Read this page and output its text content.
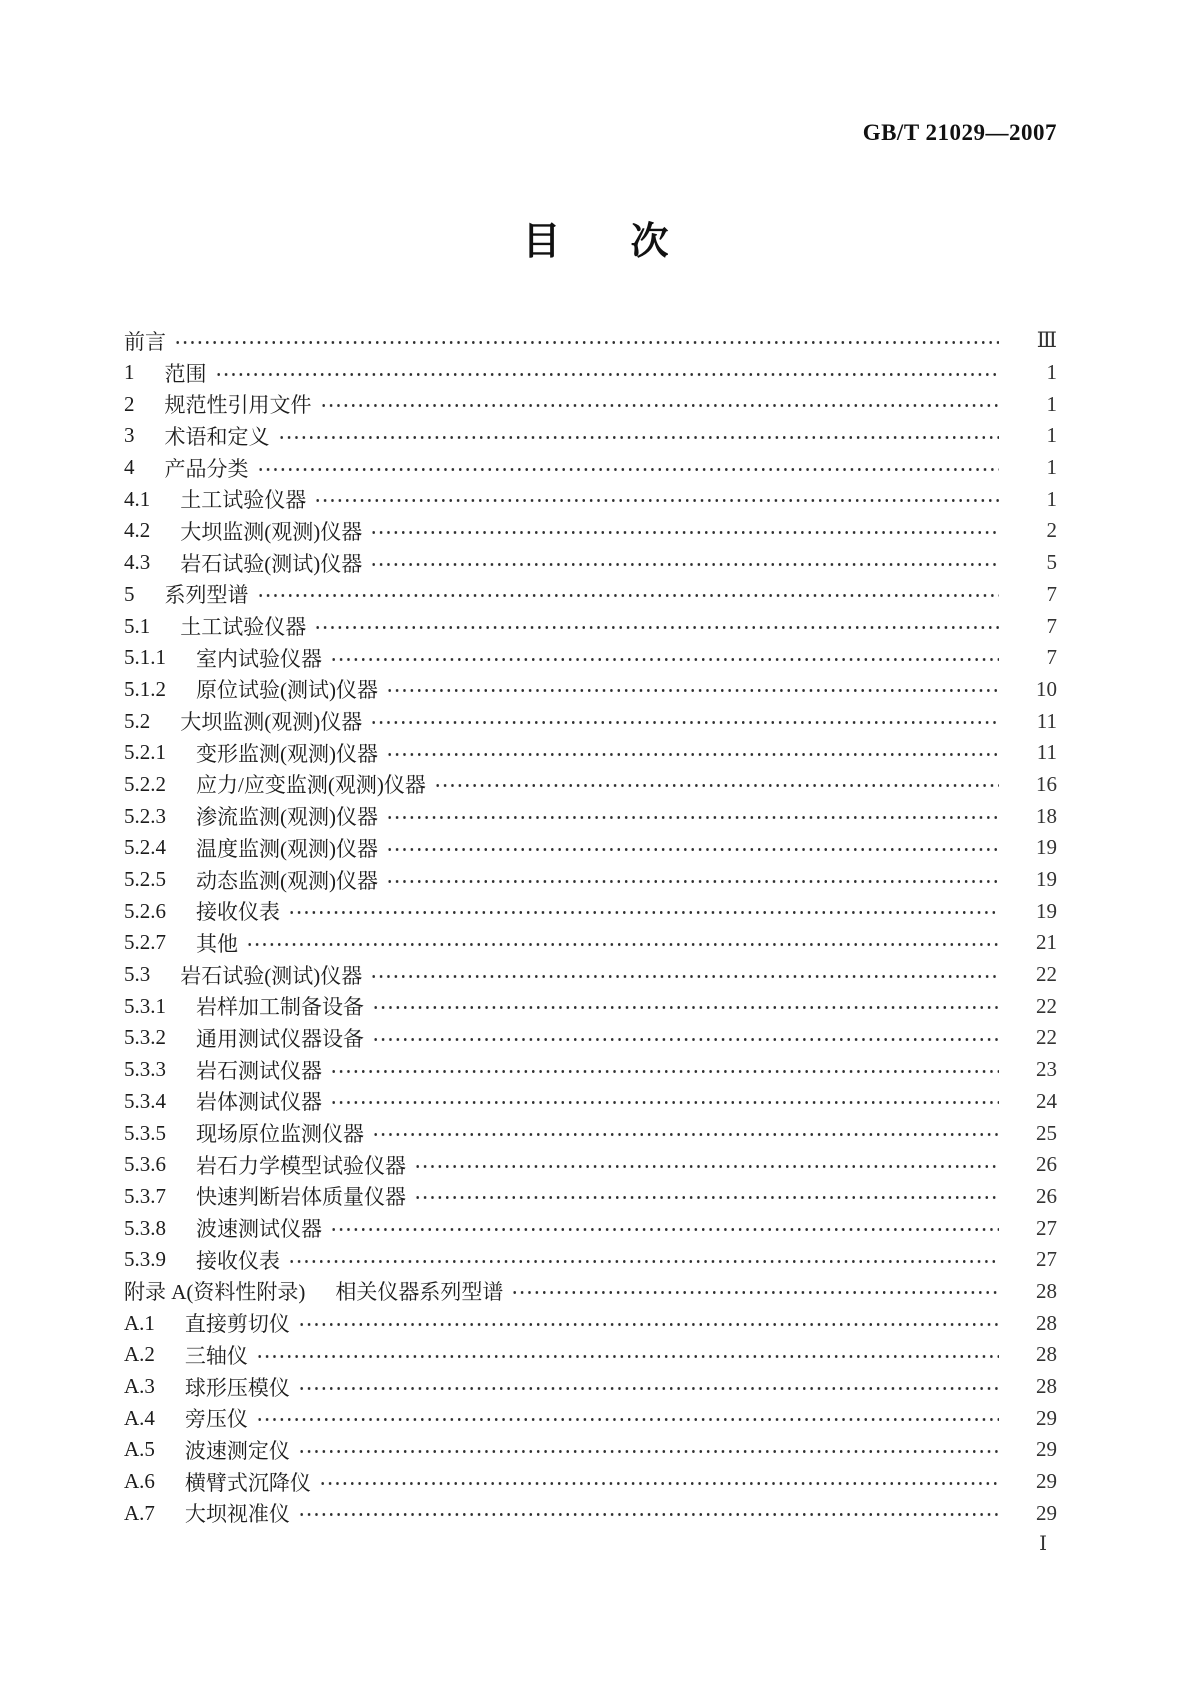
GB/T 21029—2007
目 次
前言	Ⅲ
1 范围	1
2 规范性引用文件	1
3 术语和定义	1
4 产品分类	1
4.1 土工试验仪器	1
4.2 大坝监测(观测)仪器	2
4.3 岩石试验(测试)仪器	5
5 系列型谱	7
5.1 土工试验仪器	7
5.1.1 室内试验仪器	7
5.1.2 原位试验(测试)仪器	10
5.2 大坝监测(观测)仪器	11
5.2.1 变形监测(观测)仪器	11
5.2.2 应力/应变监测(观测)仪器	16
5.2.3 渗流监测(观测)仪器	18
5.2.4 温度监测(观测)仪器	19
5.2.5 动态监测(观测)仪器	19
5.2.6 接收仪表	19
5.2.7 其他	21
5.3 岩石试验(测试)仪器	22
5.3.1 岩样加工制备设备	22
5.3.2 通用测试仪器设备	22
5.3.3 岩石测试仪器	23
5.3.4 岩体测试仪器	24
5.3.5 现场原位监测仪器	25
5.3.6 岩石力学模型试验仪器	26
5.3.7 快速判断岩体质量仪器	26
5.3.8 波速测试仪器	27
5.3.9 接收仪表	27
附录 A(资料性附录) 相关仪器系列型谱	28
A.1 直接剪切仪	28
A.2 三轴仪	28
A.3 球形压模仪	28
A.4 旁压仪	29
A.5 波速测定仪	29
A.6 横臂式沉降仪	29
A.7 大坝视准仪	29
Ⅰ
